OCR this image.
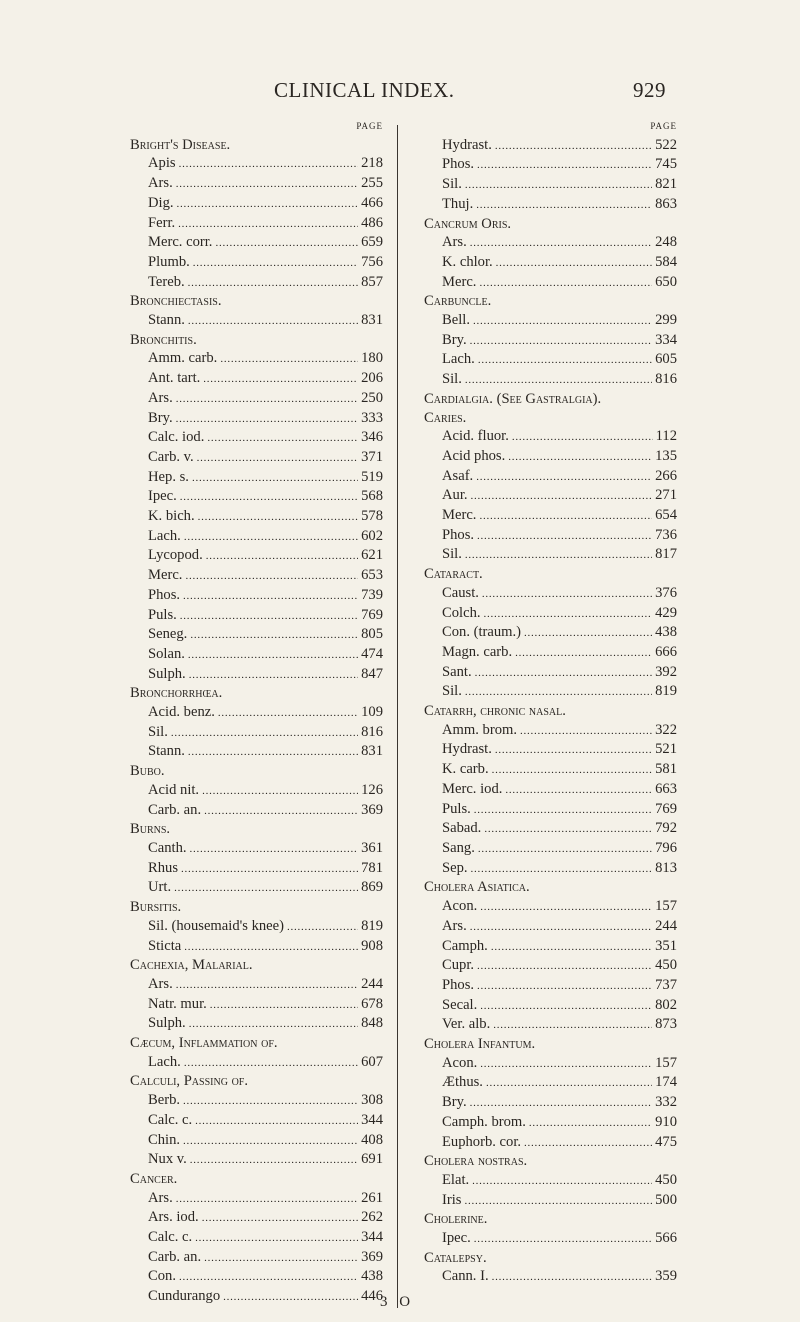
CLINICAL INDEX.	929
PAGE
Bright's Disease.
Apis . . .	218
Ars. . . .	255
Dig. . . .	466
Ferr. . . .	486
Merc. corr. . . .	659
Plumb. . . .	756
Tereb. . . .	857
Bronchiectasis.
Stann. . . .	831
Bronchitis.
Amm. carb. . . .	180
Ant. tart. . . .	206
Ars. . . .	250
Bry. . . .	333
Calc. iod. . . .	346
Carb. v. . . .	371
Hep. s. . . .	519
Ipec. . . .	568
K. bich. . . .	578
Lach. . . .	602
Lycopod. . . .	621
Merc. . . .	653
Phos. . . .	739
Puls. . . .	769
Seneg. . . .	805
Solan. . . .	474
Sulph. . . .	847
Bronchorrhœa.
Acid. benz. . . .	109
Sil. . . .	816
Stann. . . .	831
Bubo.
Acid nit. . . .	126
Carb. an. . . .	369
Burns.
Canth. . . .	361
Rhus . . .	781
Urt. . . .	869
Bursitis.
Sil. (housemaid's knee) . . .	819
Sticta . . .	908
Cachexia, Malarial.
Ars. . . .	244
Natr. mur. . . .	678
Sulph. . . .	848
Cæcum, Inflammation of.
Lach. . . .	607
Calculi, Passing of.
Berb. . . .	308
Calc. c. . . .	344
Chin. . . .	408
Nux v. . . .	691
Cancer.
Ars. . . .	261
Ars. iod. . . .	262
Calc. c. . . .	344
Carb. an. . . .	369
Con. . . .	438
Cundurango . . .	446
PAGE
Hydrast. . . .	522
Phos. . . .	745
Sil. . . .	821
Thuj. . . .	863
Cancrum Oris.
Ars. . . .	248
K. chlor. . . .	584
Merc. . . .	650
Carbuncle.
Bell. . . .	299
Bry. . . .	334
Lach. . . .	605
Sil. . . .	816
Cardialgia. (See Gastralgia).
Caries.
Acid. fluor. . . .	112
Acid phos. . . .	135
Asaf. . . .	266
Aur. . . .	271
Merc. . . .	654
Phos. . . .	736
Sil. . . .	817
Cataract.
Caust. . . .	376
Colch. . . .	429
Con. (traum.) . . .	438
Magn. carb. . . .	666
Sant. . . .	392
Sil. . . .	819
Catarrh, chronic nasal.
Amm. brom. . . .	322
Hydrast. . . .	521
K. carb. . . .	581
Merc. iod. . . .	663
Puls. . . .	769
Sabad. . . .	792
Sang. . . .	796
Sep. . . .	813
Cholera Asiatica.
Acon. . . .	157
Ars. . . .	244
Camph. . . .	351
Cupr. . . .	450
Phos. . . .	737
Secal. . . .	802
Ver. alb. . . .	873
Cholera Infantum.
Acon. . . .	157
Æthus. . . .	174
Bry. . . .	332
Camph. brom. . . .	910
Euphorb. cor. . . .	475
Cholera nostras.
Elat. . . .	450
Iris . . .	500
Cholerine.
Ipec. . . .	566
Catalepsy.
Cann. I. . . .	359
3 O
